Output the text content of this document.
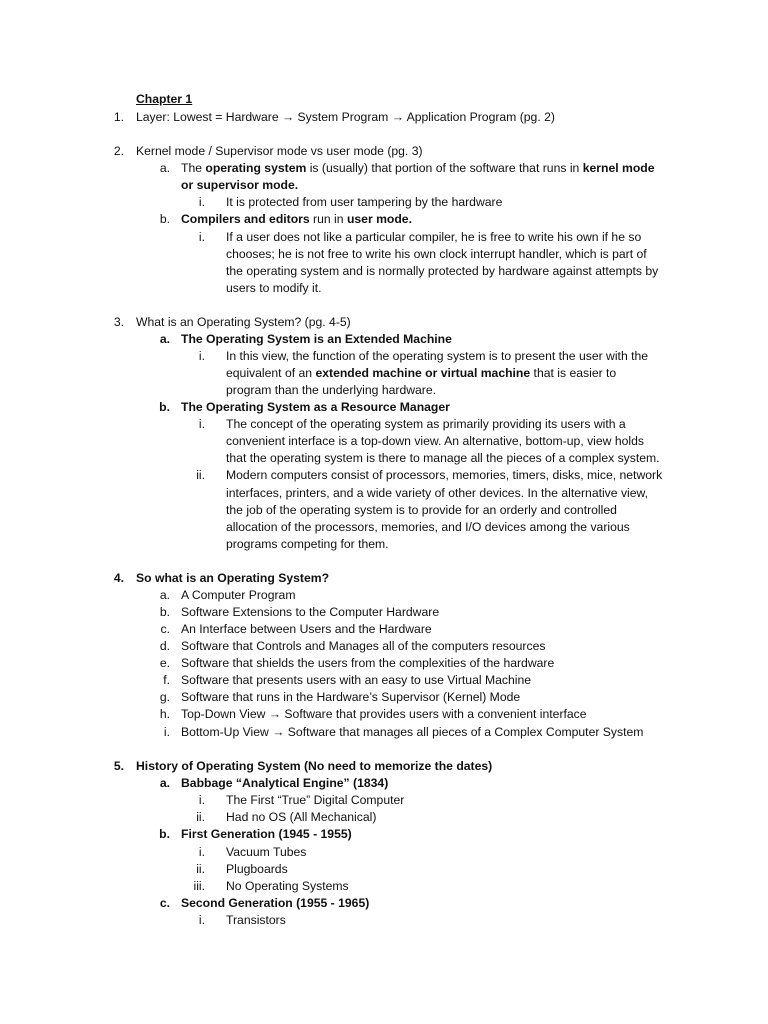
Chapter 1
1. Layer: Lowest = Hardware → System Program → Application Program (pg. 2)
2. Kernel mode / Supervisor mode vs user mode (pg. 3)
a. The operating system is (usually) that portion of the software that runs in kernel mode
or supervisor mode.
i. It is protected from user tampering by the hardware
b. Compilers and editors run in user mode.
i. If a user does not like a particular compiler, he is free to write his own if he so
chooses; he is not free to write his own clock interrupt handler, which is part of
the operating system and is normally protected by hardware against attempts by
users to modify it.
3. What is an Operating System? (pg. 4-5)
a. The Operating System is an Extended Machine
i. In this view, the function of the operating system is to present the user with the
equivalent of an extended machine or virtual machine that is easier to
program than the underlying hardware.
b. The Operating System as a Resource Manager
i. The concept of the operating system as primarily providing its users with a
convenient interface is a top-down view. An alternative, bottom-up, view holds
that the operating system is there to manage all the pieces of a complex system.
ii. Modern computers consist of processors, memories, timers, disks, mice, network
interfaces, printers, and a wide variety of other devices. In the alternative view,
the job of the operating system is to provide for an orderly and controlled
allocation of the processors, memories, and I/O devices among the various
programs competing for them.
4. So what is an Operating System?
a. A Computer Program
b. Software Extensions to the Computer Hardware
c. An Interface between Users and the Hardware
d. Software that Controls and Manages all of the computers resources
e. Software that shields the users from the complexities of the hardware
f. Software that presents users with an easy to use Virtual Machine
g. Software that runs in the Hardware’s Supervisor (Kernel) Mode
h. Top-Down View → Software that provides users with a convenient interface
i. Bottom-Up View → Software that manages all pieces of a Complex Computer System
5. History of Operating System (No need to memorize the dates)
a. Babbage “Analytical Engine” (1834)
i. The First “True” Digital Computer
ii. Had no OS (All Mechanical)
b. First Generation (1945 - 1955)
i. Vacuum Tubes
ii. Plugboards
iii. No Operating Systems
c. Second Generation (1955 - 1965)
i. Transistors
